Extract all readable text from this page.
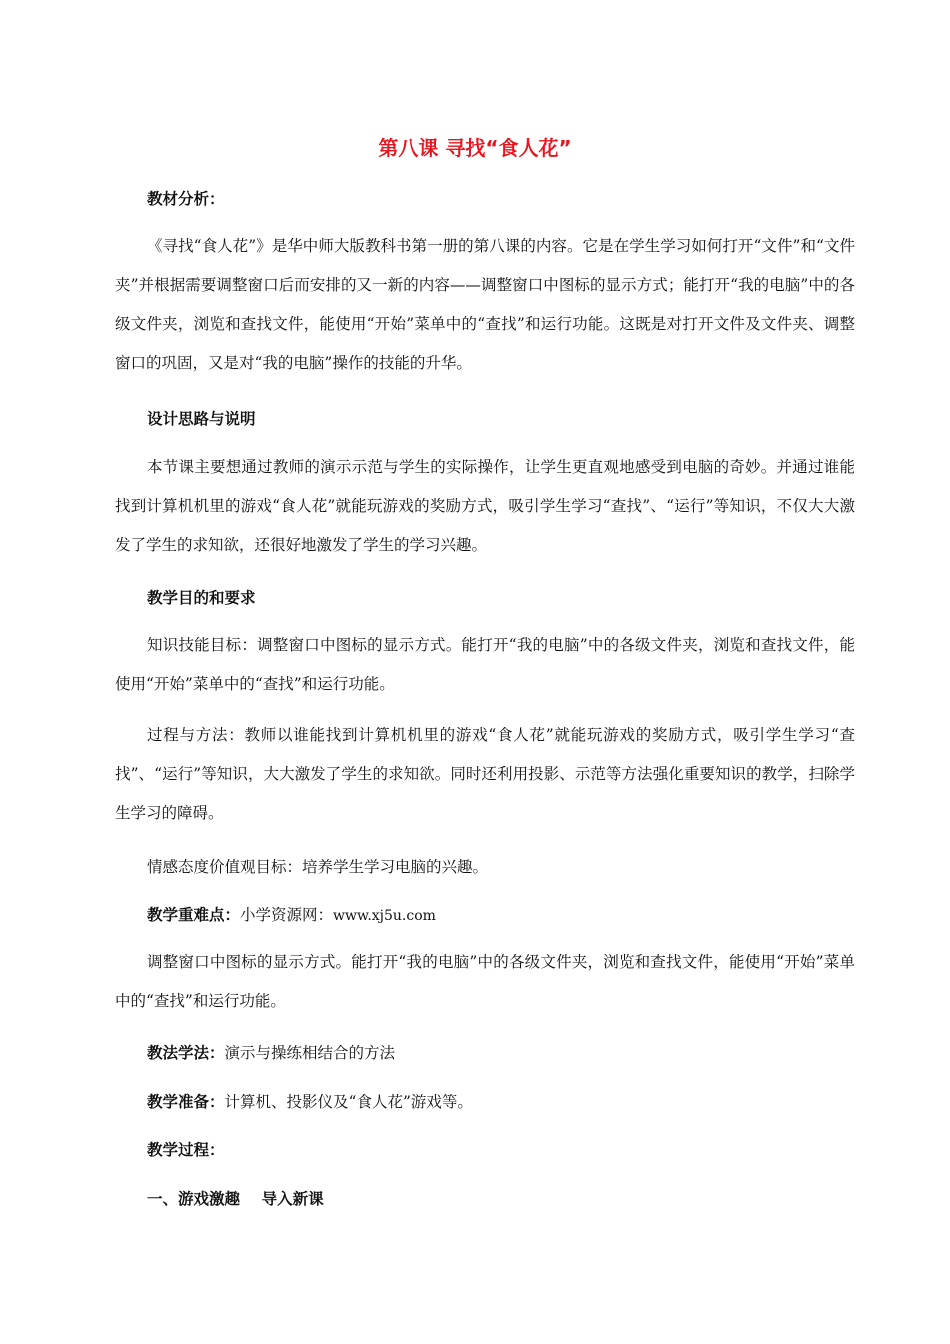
第八课 寻找“食人花”
教材分析：
《寻找“食人花”》是华中师大版教科书第一册的第八课的内容。它是在学生学习如何打开“文件”和“文件夹”并根据需要调整窗口后而安排的又一新的内容——调整窗口中图标的显示方式；能打开“我的电脑”中的各级文件夹，浏览和查找文件，能使用“开始”菜单中的“查找”和运行功能。这既是对打开文件及文件夹、调整窗口的巩固，又是对“我的电脑”操作的技能的升华。
设计思路与说明
本节课主要想通过教师的演示示范与学生的实际操作，让学生更直观地感受到电脑的奇妙。并通过谁能找到计算机机里的游戏“食人花”就能玩游戏的奖励方式，吸引学生学习“查找”、“运行”等知识，不仅大大激发了学生的求知欲，还很好地激发了学生的学习兴趣。
教学目的和要求
知识技能目标：调整窗口中图标的显示方式。能打开“我的电脑”中的各级文件夹，浏览和查找文件，能使用“开始”菜单中的“查找”和运行功能。
过程与方法：教师以谁能找到计算机机里的游戏“食人花”就能玩游戏的奖励方式，吸引学生学习“查找”、“运行”等知识，大大激发了学生的求知欲。同时还利用投影、示范等方法强化重要知识的教学，扫除学生学习的障碍。
情感态度价值观目标：培养学生学习电脑的兴趣。
教学重难点：小学资源网：www.xj5u.com
调整窗口中图标的显示方式。能打开“我的电脑”中的各级文件夹，浏览和查找文件，能使用“开始”菜单中的“查找”和运行功能。
教法学法：演示与操练相结合的方法
教学准备：计算机、投影仪及“食人花”游戏等。
教学过程：
一、游戏激趣    导入新课
